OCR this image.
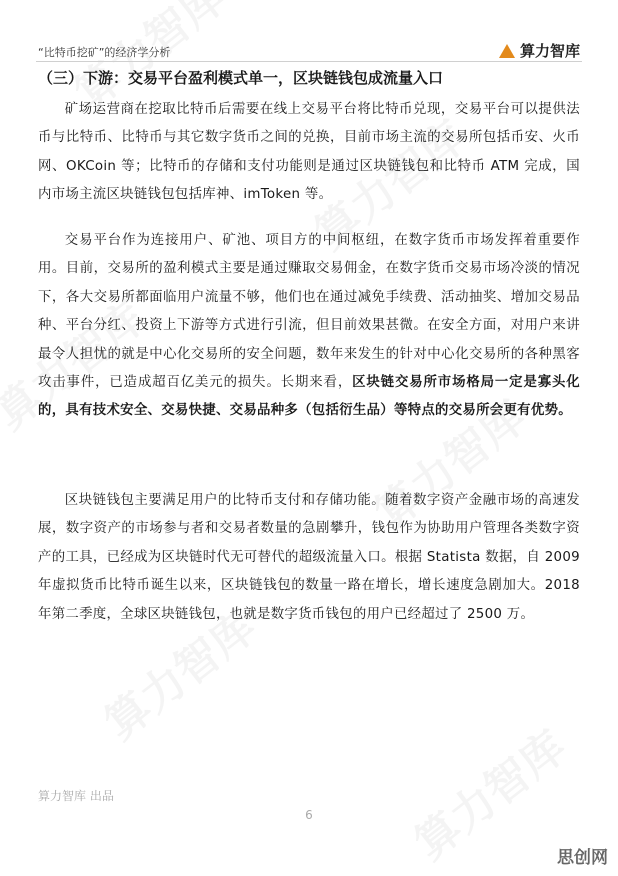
“比特币挖矿”的经济学分析	算力智库
（三）下游：交易平台盈利模式单一，区块链钱包成流量入口

矿场运营商在挖取比特币后需要在线上交易平台将比特币兑现，交易平台可以提供法币与比特币、比特币与其它数字货币之间的兑换，目前市场主流的交易所包括币安、火币网、OKCoin 等；比特币的存储和支付功能则是通过区块链钱包和比特币 ATM 完成，国内市场主流区块链钱包包括库神、imToken 等。

交易平台作为连接用户、矿池、项目方的中间枢纽，在数字货币市场发挥着重要作用。目前，交易所的盈利模式主要是通过赚取交易佣金，在数字货币交易市场冷淡的情况下，各大交易所都面临用户流量不够，他们也在通过减免手续费、活动抽奖、增加交易品种、平台分红、投资上下游等方式进行引流，但目前效果甚微。在安全方面，对用户来讲最令人担忧的就是中心化交易所的安全问题，数年来发生的针对中心化交易所的各种黑客攻击事件，已造成超百亿美元的损失。长期来看，区块链交易所市场格局一定是寡头化的，具有技术安全、交易快捷、交易品种多（包括衍生品）等特点的交易所会更有优势。

区块链钱包主要满足用户的比特币支付和存储功能。随着数字资产金融市场的高速发展，数字资产的市场参与者和交易者数量的急剧攀升，钱包作为协助用户管理各类数字资产的工具，已经成为区块链时代无可替代的超级流量入口。根据 Statista 数据，自 2009 年虚拟货币比特币诞生以来，区块链钱包的数量一路在增长，增长速度急剧加大。2018 年第二季度，全球区块链钱包，也就是数字货币钱包的用户已经超过了 2500 万。

算力智库 出品
6
思创网
